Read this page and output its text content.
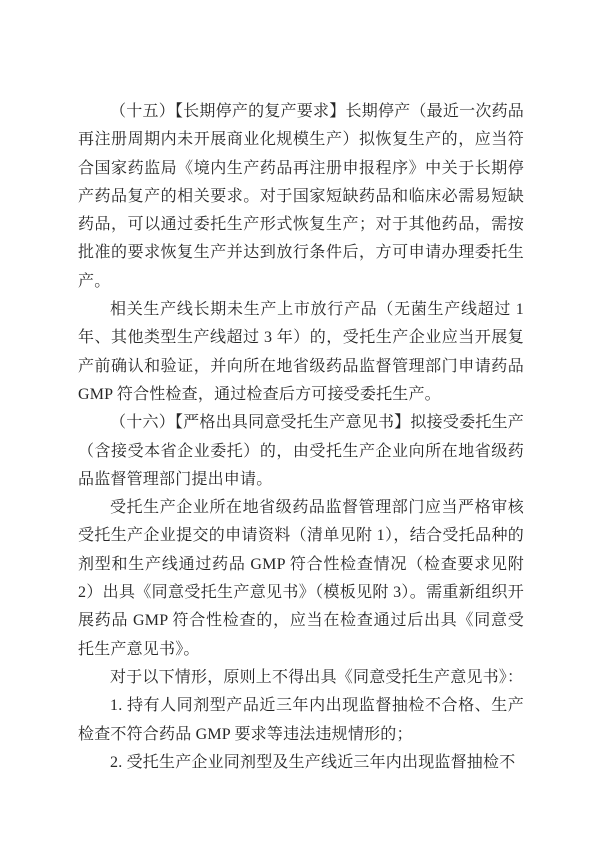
（十五）【长期停产的复产要求】长期停产（最近一次药品再注册周期内未开展商业化规模生产）拟恢复生产的，应当符合国家药监局《境内生产药品再注册申报程序》中关于长期停产药品复产的相关要求。对于国家短缺药品和临床必需易短缺药品，可以通过委托生产形式恢复生产；对于其他药品，需按批准的要求恢复生产并达到放行条件后，方可申请办理委托生产。

相关生产线长期未生产上市放行产品（无菌生产线超过 1 年、其他类型生产线超过 3 年）的，受托生产企业应当开展复产前确认和验证，并向所在地省级药品监督管理部门申请药品 GMP 符合性检查，通过检查后方可接受委托生产。

（十六）【严格出具同意受托生产意见书】拟接受委托生产（含接受本省企业委托）的，由受托生产企业向所在地省级药品监督管理部门提出申请。

受托生产企业所在地省级药品监督管理部门应当严格审核受托生产企业提交的申请资料（清单见附 1），结合受托品种的剂型和生产线通过药品 GMP 符合性检查情况（检查要求见附 2）出具《同意受托生产意见书》（模板见附 3）。需重新组织开展药品 GMP 符合性检查的，应当在检查通过后出具《同意受托生产意见书》。

对于以下情形，原则上不得出具《同意受托生产意见书》：

1. 持有人同剂型产品近三年内出现监督抽检不合格、生产检查不符合药品 GMP 要求等违法违规情形的；

2. 受托生产企业同剂型及生产线近三年内出现监督抽检不
